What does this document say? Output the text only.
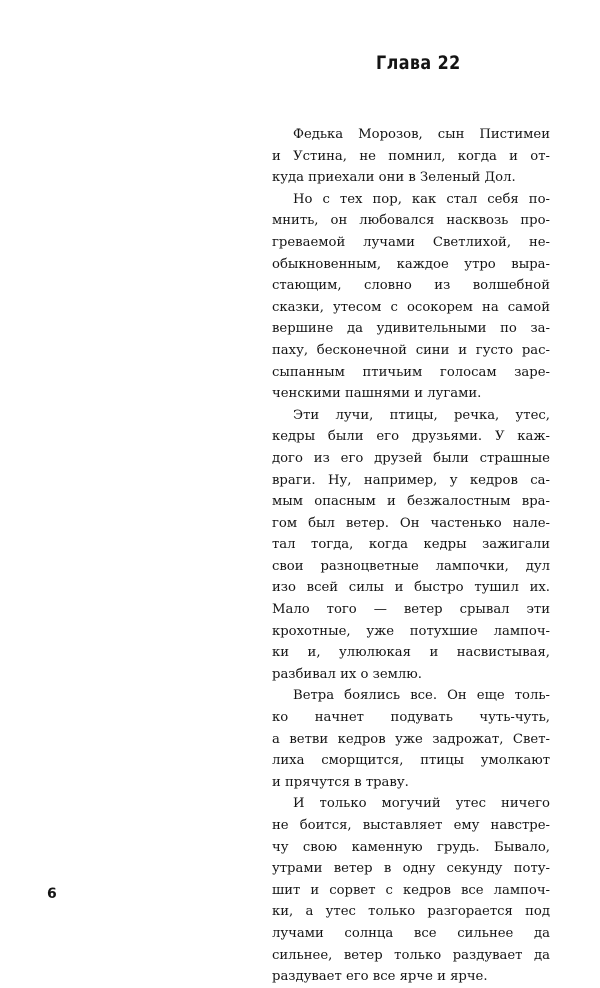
Глава 22
Федька Морозов, сын Пистимеи
и Устина, не помнил, когда и от-
куда приехали они в Зеленый Дол.
Но с тех пор, как стал себя по-
мнить, он любовался насквозь про-
греваемой лучами Светлихой, не-
обыкновенным, каждое утро выра-
стающим, словно из волшебной
сказки, утесом с осокорем на самой
вершине да удивительными по за-
паху, бесконечной сини и густо рас-
сыпанным птичьим голосам заре-
ченскими пашнями и лугами.
Эти лучи, птицы, речка, утес,
кедры были его друзьями. У каж-
дого из его друзей были страшные
враги. Ну, например, у кедров са-
мым опасным и безжалостным вра-
гом был ветер. Он частенько нале-
тал тогда, когда кедры зажигали
свои разноцветные лампочки, дул
изо всей силы и быстро тушил их.
Мало того — ветер срывал эти
крохотные, уже потухшие лампоч-
ки и, улюлюкая и насвистывая,
разбивал их о землю.
Ветра боялись все. Он еще толь-
ко начнет подувать чуть-чуть,
а ветви кедров уже задрожат, Свет-
лиха сморщится, птицы умолкают
и прячутся в траву.
И только могучий утес ничего
не боится, выставляет ему навстре-
чу свою каменную грудь. Бывало,
утрами ветер в одну секунду поту-
шит и сорвет с кедров все лампоч-
ки, а утес только разгорается под
лучами солнца все сильнее да
сильнее, ветер только раздувает да
раздувает его все ярче и ярче.
6
